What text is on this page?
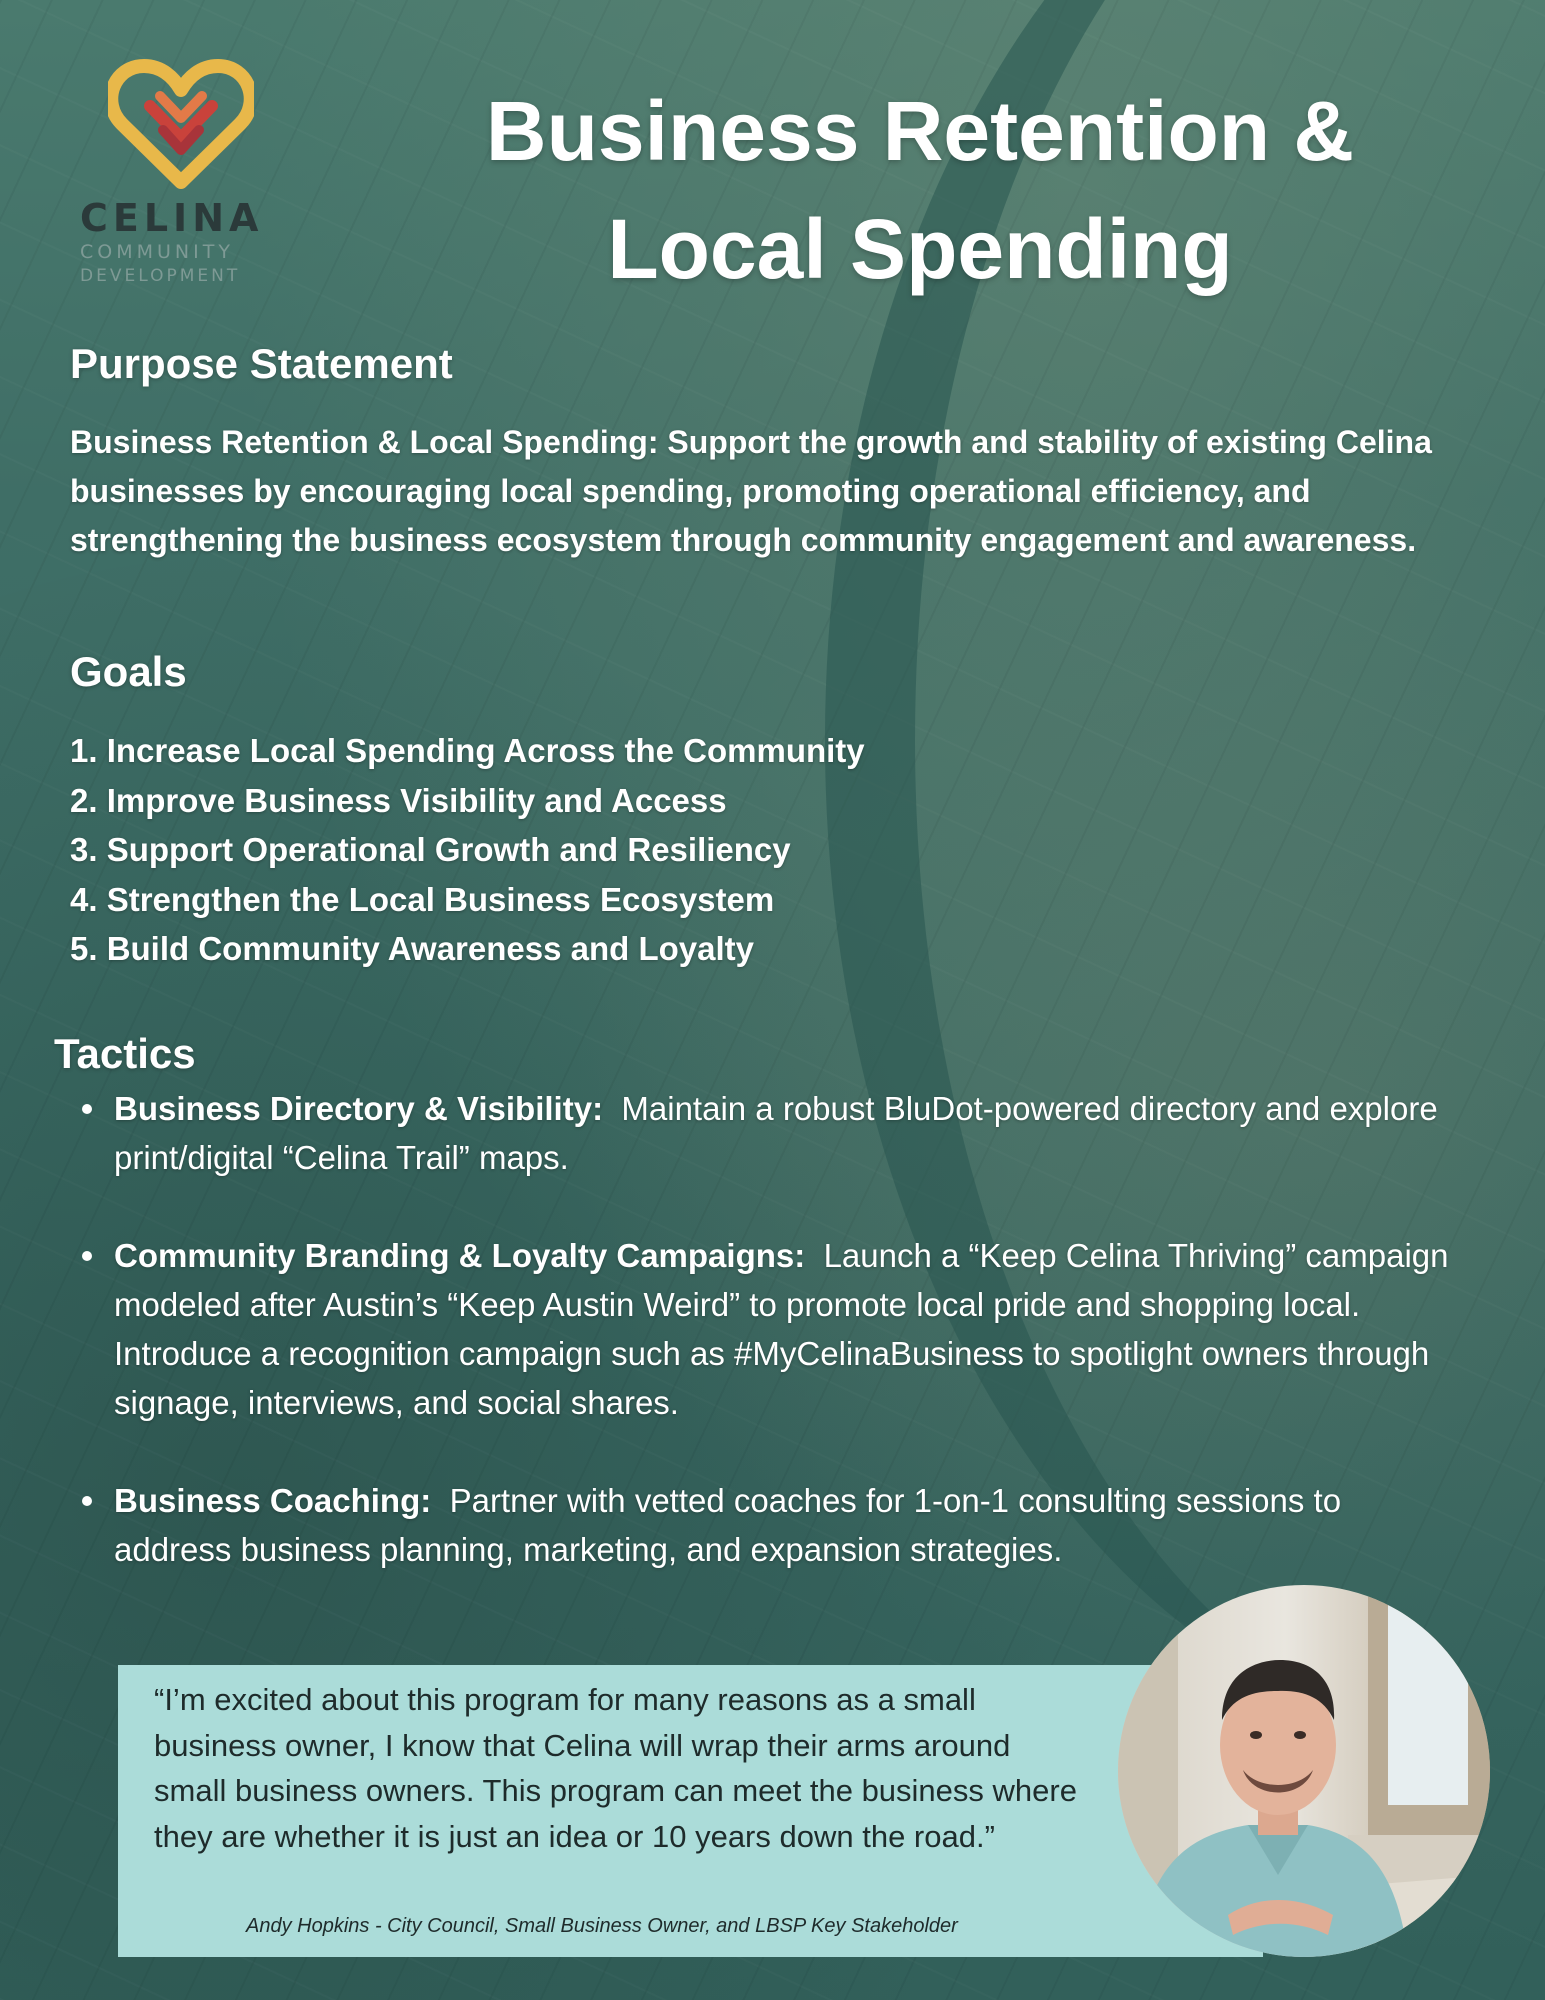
CELINA
COMMUNITY
DEVELOPMENT
Business Retention &
Local Spending
Purpose Statement
Business Retention & Local Spending: Support the growth and stability of existing Celina businesses by encouraging local spending, promoting operational efficiency, and strengthening the business ecosystem through community engagement and awareness.
Goals
1. Increase Local Spending Across the Community
2. Improve Business Visibility and Access
3. Support Operational Growth and Resiliency
4. Strengthen the Local Business Ecosystem
5. Build Community Awareness and Loyalty
Tactics
Business Directory & Visibility: Maintain a robust BluDot-powered directory and explore print/digital “Celina Trail” maps.
Community Branding & Loyalty Campaigns: Launch a “Keep Celina Thriving” campaign modeled after Austin’s “Keep Austin Weird” to promote local pride and shopping local. Introduce a recognition campaign such as #MyCelinaBusiness to spotlight owners through signage, interviews, and social shares.
Business Coaching: Partner with vetted coaches for 1-on-1 consulting sessions to address business planning, marketing, and expansion strategies.
“I’m excited about this program for many reasons as a small business owner, I know that Celina will wrap their arms around small business owners. This program can meet the business where they are whether it is just an idea or 10 years down the road.”
Andy Hopkins - City Council, Small Business Owner, and LBSP Key Stakeholder
